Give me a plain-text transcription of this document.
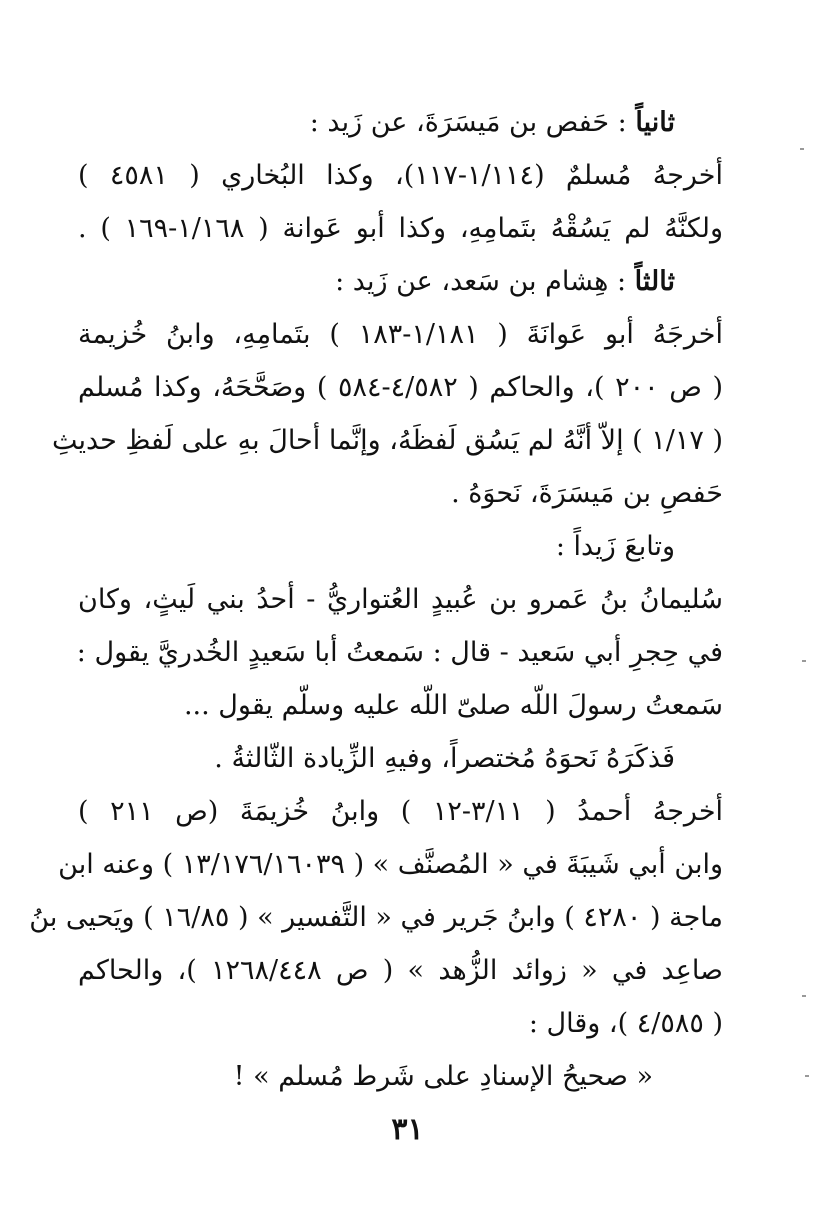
ثانياً : حَفص بن مَيسَرَةَ، عن زَيد :
أخرجهُ مُسلمٌ (١/١١٤-١١٧)، وكذا البُخاري ( ٤٥٨١ )
ولكنَّهُ لم يَسُقْهُ بتَمامِهِ، وكذا أبو عَوانة ( ١/١٦٨-١٦٩ ) .
ثالثاً : هِشام بن سَعد، عن زَيد :
أخرجَهُ أبو عَوانَةَ ( ١/١٨١-١٨٣ ) بتَمامِهِ، وابنُ خُزيمة
( ص ٢٠٠ )، والحاكم ( ٤/٥٨٢-٥٨٤ ) وصَحَّحَهُ، وكذا مُسلم
( ١/١٧ ) إلاّ أنَّهُ لم يَسُق لَفظَهُ، وإنَّما أحالَ بهِ على لَفظِ حديثِ
حَفصِ بن مَيسَرَةَ، نَحوَهُ .
وتابعَ زَيداً :
سُليمانُ بنُ عَمرو بن عُبيدٍ العُتواريُّ - أحدُ بني لَيثٍ، وكان
في حِجرِ أبي سَعيد - قال : سَمعتُ أبا سَعيدٍ الخُدريَّ يقول :
سَمعتُ رسولَ اللّه صلىّ اللّه عليه وسلّم يقول ...
فَذكَرَهُ نَحوَهُ مُختصراً، وفيهِ الزِّيادة الثّالثةُ .
أخرجهُ أحمدُ ( ٣/١١-١٢ ) وابنُ خُزيمَةَ (ص ٢١١ )
وابن أبي شَيبَةَ في « المُصنَّف » ( ١٣/١٧٦/١٦٠٣٩ ) وعنه ابن
ماجة ( ٤٢٨٠ ) وابنُ جَرير في « التَّفسير » ( ١٦/٨٥ ) ويَحيى بنُ
صاعِد في « زوائد الزُّهد » ( ص ١٢٦٨/٤٤٨ )، والحاكم
( ٤/٥٨٥ )، وقال :
« صحيحُ الإسنادِ على شَرط مُسلم » !
٣١
